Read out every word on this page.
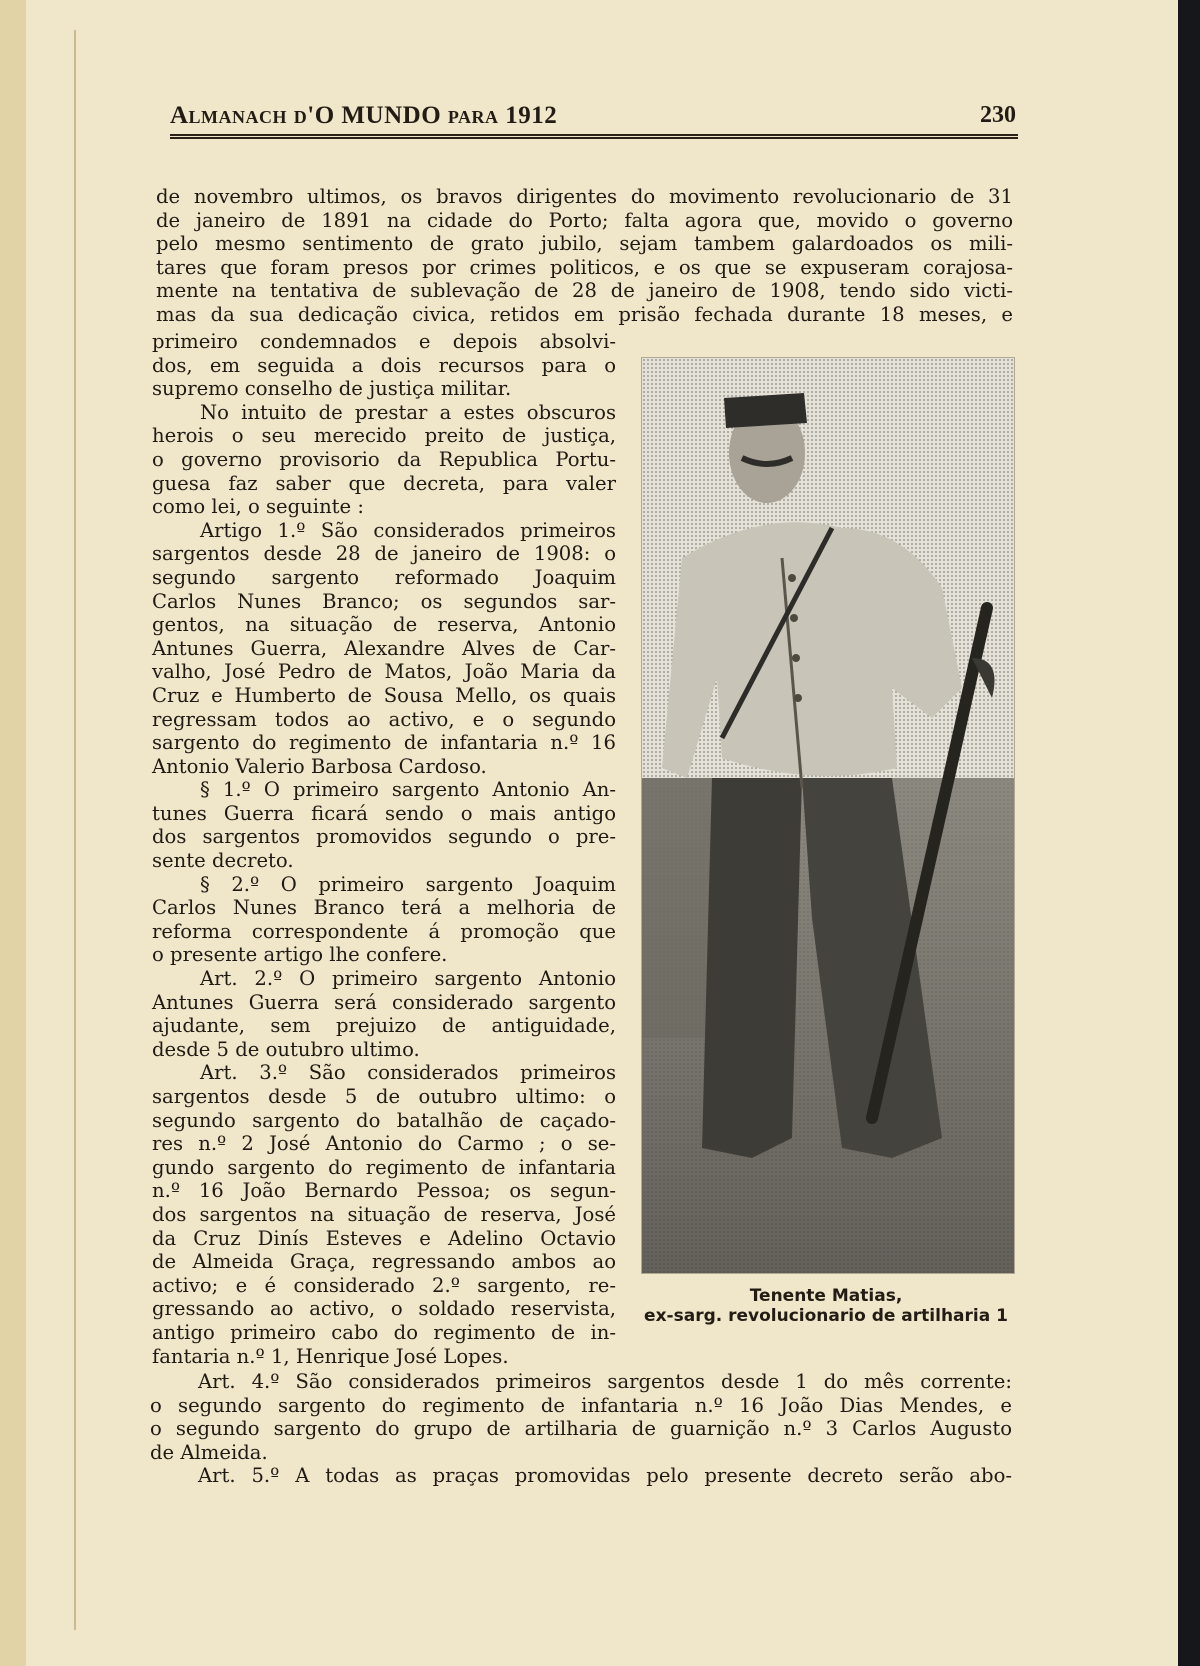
Almanach d'O MUNDO para 1912	230
de novembro ultimos, os bravos dirigentes do movimento revolucionario de 31
de janeiro de 1891 na cidade do Porto; falta agora que, movido o governo
pelo mesmo sentimento de grato jubilo, sejam tambem galardoados os mili-
tares que foram presos por crimes politicos, e os que se expuseram corajosa-
mente na tentativa de sublevação de 28 de janeiro de 1908, tendo sido victi-
mas da sua dedicação civica, retidos em prisão fechada durante 18 meses, e
primeiro condemnados e depois absolvi-
dos, em seguida a dois recursos para o
supremo conselho de justiça militar.
No intuito de prestar a estes obscuros
herois o seu merecido preito de justiça,
o governo provisorio da Republica Portu-
guesa faz saber que decreta, para valer
como lei, o seguinte :
Artigo 1.º São considerados primeiros
sargentos desde 28 de janeiro de 1908: o
segundo sargento reformado Joaquim
Carlos Nunes Branco; os segundos sar-
gentos, na situação de reserva, Antonio
Antunes Guerra, Alexandre Alves de Car-
valho, José Pedro de Matos, João Maria da
Cruz e Humberto de Sousa Mello, os quais
regressam todos ao activo, e o segundo
sargento do regimento de infantaria n.º 16
Antonio Valerio Barbosa Cardoso.
§ 1.º O primeiro sargento Antonio An-
tunes Guerra ficará sendo o mais antigo
dos sargentos promovidos segundo o pre-
sente decreto.
§ 2.º O primeiro sargento Joaquim
Carlos Nunes Branco terá a melhoria de
reforma correspondente á promoção que
o presente artigo lhe confere.
Art. 2.º O primeiro sargento Antonio
Antunes Guerra será considerado sargento
ajudante, sem prejuizo de antiguidade,
desde 5 de outubro ultimo.
Art. 3.º São considerados primeiros
sargentos desde 5 de outubro ultimo: o
segundo sargento do batalhão de caçado-
res n.º 2 José Antonio do Carmo ; o se-
gundo sargento do regimento de infantaria
n.º 16 João Bernardo Pessoa; os segun-
dos sargentos na situação de reserva, José
da Cruz Dinís Esteves e Adelino Octavio
de Almeida Graça, regressando ambos ao
activo; e é considerado 2.º sargento, re-
gressando ao activo, o soldado reservista,
antigo primeiro cabo do regimento de in-
fantaria n.º 1, Henrique José Lopes.
Art. 4.º São considerados primeiros sargentos desde 1 do mês corrente:
o segundo sargento do regimento de infantaria n.º 16 João Dias Mendes, e
o segundo sargento do grupo de artilharia de guarnição n.º 3 Carlos Augusto
de Almeida.
Art. 5.º A todas as praças promovidas pelo presente decreto serão abo-
Tenente Matias,
ex-sarg. revolucionario de artilharia 1
